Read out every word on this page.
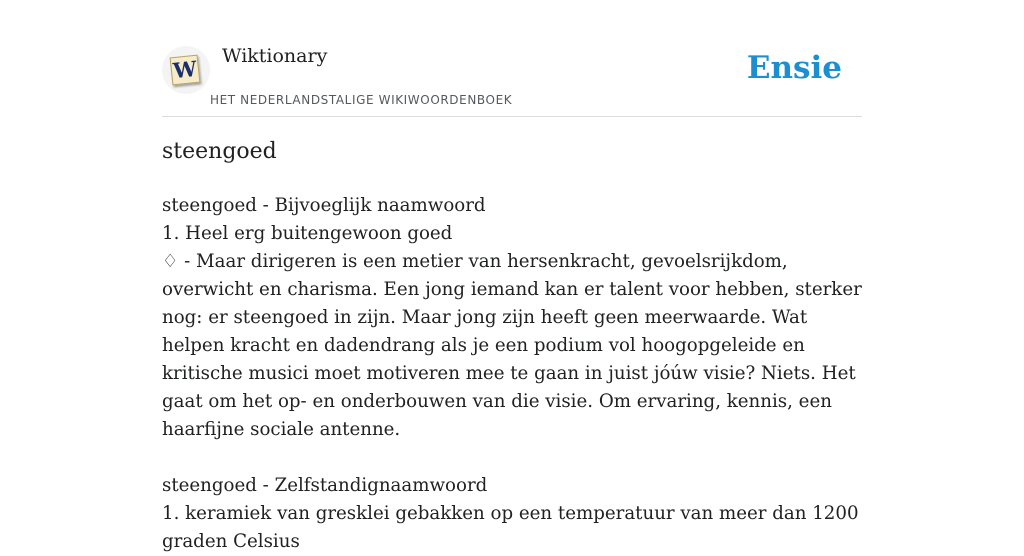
W Wiktionary
HET NEDERLANDSTALIGE WIKIWOORDENBOEK
Ensie
steengoed

steengoed - Bijvoeglijk naamwoord

1. Heel erg buitengewoon goed

♢ - Maar dirigeren is een metier van hersenkracht, gevoelsrijkdom, overwicht en charisma. Een jong iemand kan er talent voor hebben, sterker nog: er steengoed in zijn. Maar jong zijn heeft geen meerwaarde. Wat helpen kracht en dadendrang als je een podium vol hoogopgeleide en kritische musici moet motiveren mee te gaan in juist jóúw visie? Niets. Het gaat om het op- en onderbouwen van die visie. Om ervaring, kennis, een haarfijne sociale antenne.

steengoed - Zelfstandignaamwoord

1. keramiek van gresklei gebakken op een temperatuur van meer dan 1200 graden Celsius
